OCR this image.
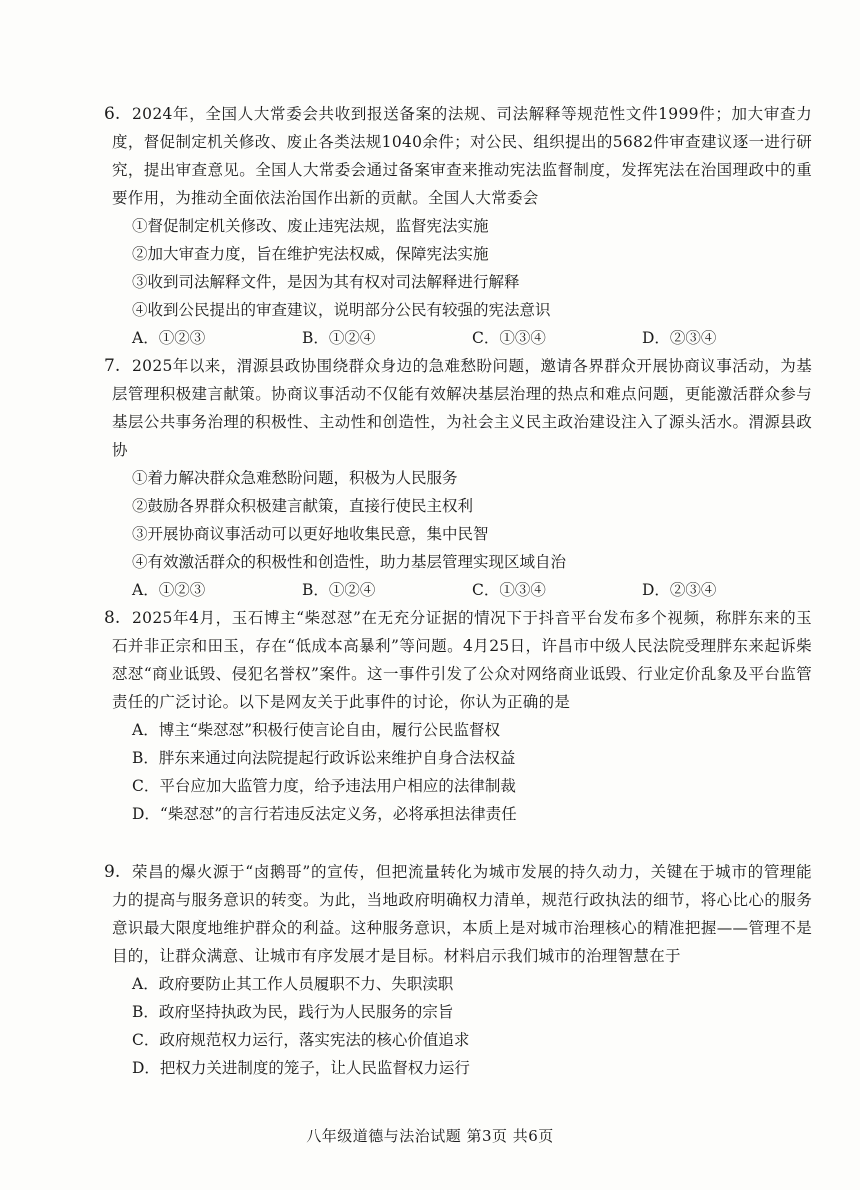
6. 2024年，全国人大常委会共收到报送备案的法规、司法解释等规范性文件1999件；加大审查力度，督促制定机关修改、废止各类法规1040余件；对公民、组织提出的5682件审查建议逐一进行研究，提出审查意见。全国人大常委会通过备案审查来推动宪法监督制度，发挥宪法在治国理政中的重要作用，为推动全面依法治国作出新的贡献。全国人大常委会

①督促制定机关修改、废止违宪法规，监督宪法实施
②加大审查力度，旨在维护宪法权威，保障宪法实施
③收到司法解释文件，是因为其有权对司法解释进行解释
④收到公民提出的审查建议，说明部分公民有较强的宪法意识
A．①②③	B．①②④	C．①③④	D．②③④
7. 2025年以来，渭源县政协围绕群众身边的急难愁盼问题，邀请各界群众开展协商议事活动，为基层管理积极建言献策。协商议事活动不仅能有效解决基层治理的热点和难点问题，更能激活群众参与基层公共事务治理的积极性、主动性和创造性，为社会主义民主政治建设注入了源头活水。渭源县政协

①着力解决群众急难愁盼问题，积极为人民服务
②鼓励各界群众积极建言献策，直接行使民主权利
③开展协商议事活动可以更好地收集民意，集中民智
④有效激活群众的积极性和创造性，助力基层管理实现区域自治
A．①②③	B．①②④	C．①③④	D．②③④
8. 2025年4月，玉石博主“柴怼怼”在无充分证据的情况下于抖音平台发布多个视频，称胖东来的玉石并非正宗和田玉，存在“低成本高暴利”等问题。4月25日，许昌市中级人民法院受理胖东来起诉柴怼怼“商业诋毁、侵犯名誉权”案件。这一事件引发了公众对网络商业诋毁、行业定价乱象及平台监管责任的广泛讨论。以下是网友关于此事件的讨论，你认为正确的是

A．博主“柴怼怼”积极行使言论自由，履行公民监督权
B．胖东来通过向法院提起行政诉讼来维护自身合法权益
C．平台应加大监管力度，给予违法用户相应的法律制裁
D．“柴怼怼”的言行若违反法定义务，必将承担法律责任
9. 荣昌的爆火源于“卤鹅哥”的宣传，但把流量转化为城市发展的持久动力，关键在于城市的管理能力的提高与服务意识的转变。为此，当地政府明确权力清单，规范行政执法的细节，将心比心的服务意识最大限度地维护群众的利益。这种服务意识，本质上是对城市治理核心的精准把握——管理不是目的，让群众满意、让城市有序发展才是目标。材料启示我们城市的治理智慧在于

A．政府要防止其工作人员履职不力、失职渎职
B．政府坚持执政为民，践行为人民服务的宗旨
C．政府规范权力运行，落实宪法的核心价值追求
D．把权力关进制度的笼子，让人民监督权力运行
八年级道德与法治试题 第3页 共6页
